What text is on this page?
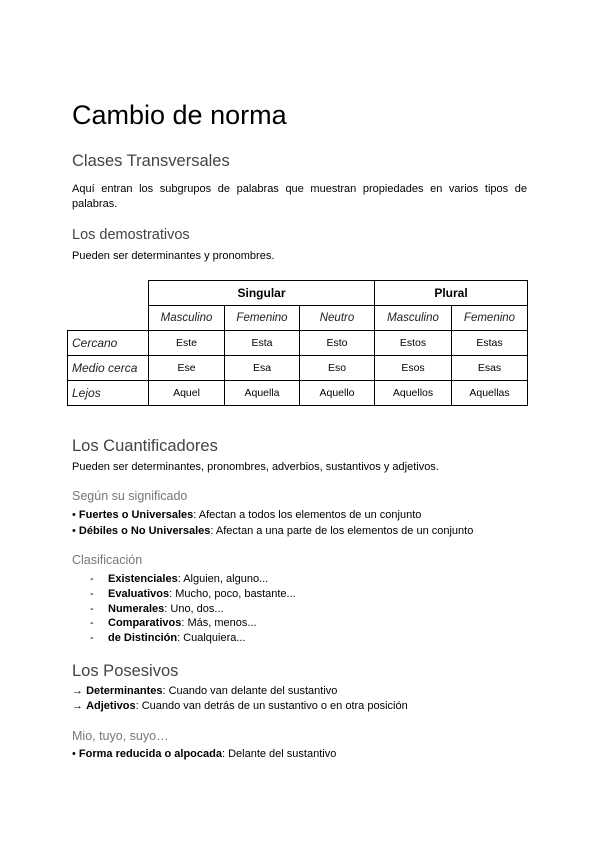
Cambio de norma
Clases Transversales
Aquí entran los subgrupos de palabras que muestran propiedades en varios tipos de palabras.
Los demostrativos
Pueden ser determinantes y pronombres.
	Singular			Plural	
	Masculino	Femenino	Neutro	Masculino	Femenino
Cercano	Este	Esta	Esto	Estos	Estas
Medio cerca	Ese	Esa	Eso	Esos	Esas
Lejos	Aquel	Aquella	Aquello	Aquellos	Aquellas
Los Cuantificadores
Pueden ser determinantes, pronombres, adverbios, sustantivos y adjetivos.
Según su significado
• Fuertes o Universales: Afectan a todos los elementos de un conjunto
• Débiles o No Universales: Afectan a una parte de los elementos de un conjunto
Clasificación
-	Existenciales: Alguien, alguno...
-	Evaluativos: Mucho, poco, bastante...
-	Numerales: Uno, dos...
-	Comparativos: Más, menos...
-	de Distinción: Cualquiera...
Los Posesivos
→ Determinantes: Cuando van delante del sustantivo
→ Adjetivos: Cuando van detrás de un sustantivo o en otra posición
Mio, tuyo, suyo…
• Forma reducida o alpocada: Delante del sustantivo
